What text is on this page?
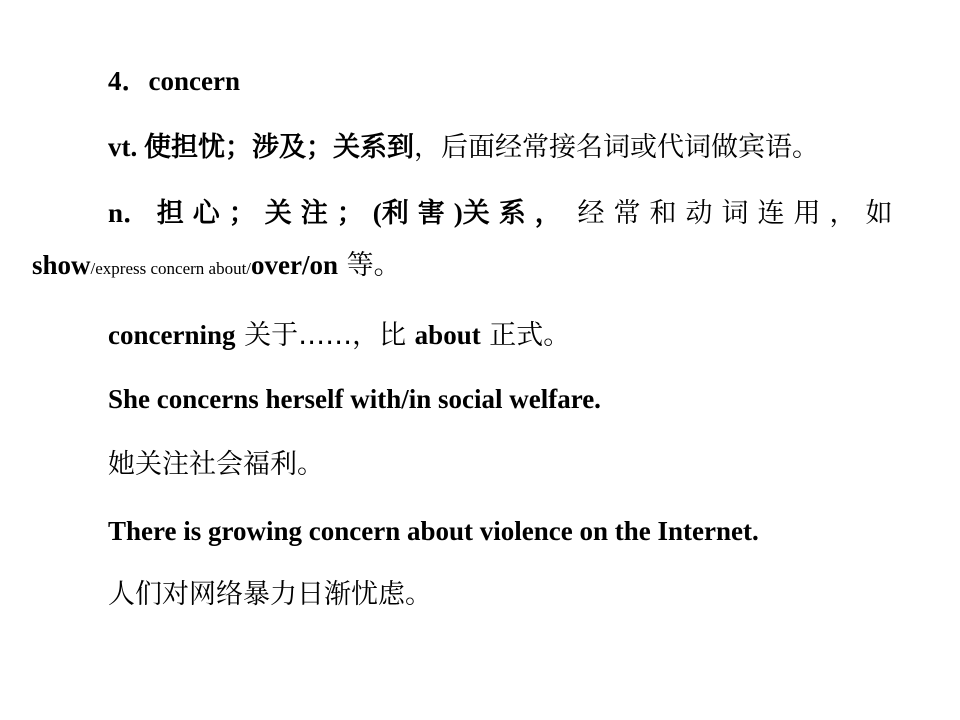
4．concern
vt. 使担忧；涉及；关系到，后面经常接名词或代词做宾语。
n． 担心；关注；(利害)关系， 经常和动词连用，如
show/express concern about/over/on 等。
concerning 关于……，比 about 正式。
She concerns herself with/in social welfare.
她关注社会福利。
There is growing concern about violence on the Internet.
人们对网络暴力日渐忧虑。
